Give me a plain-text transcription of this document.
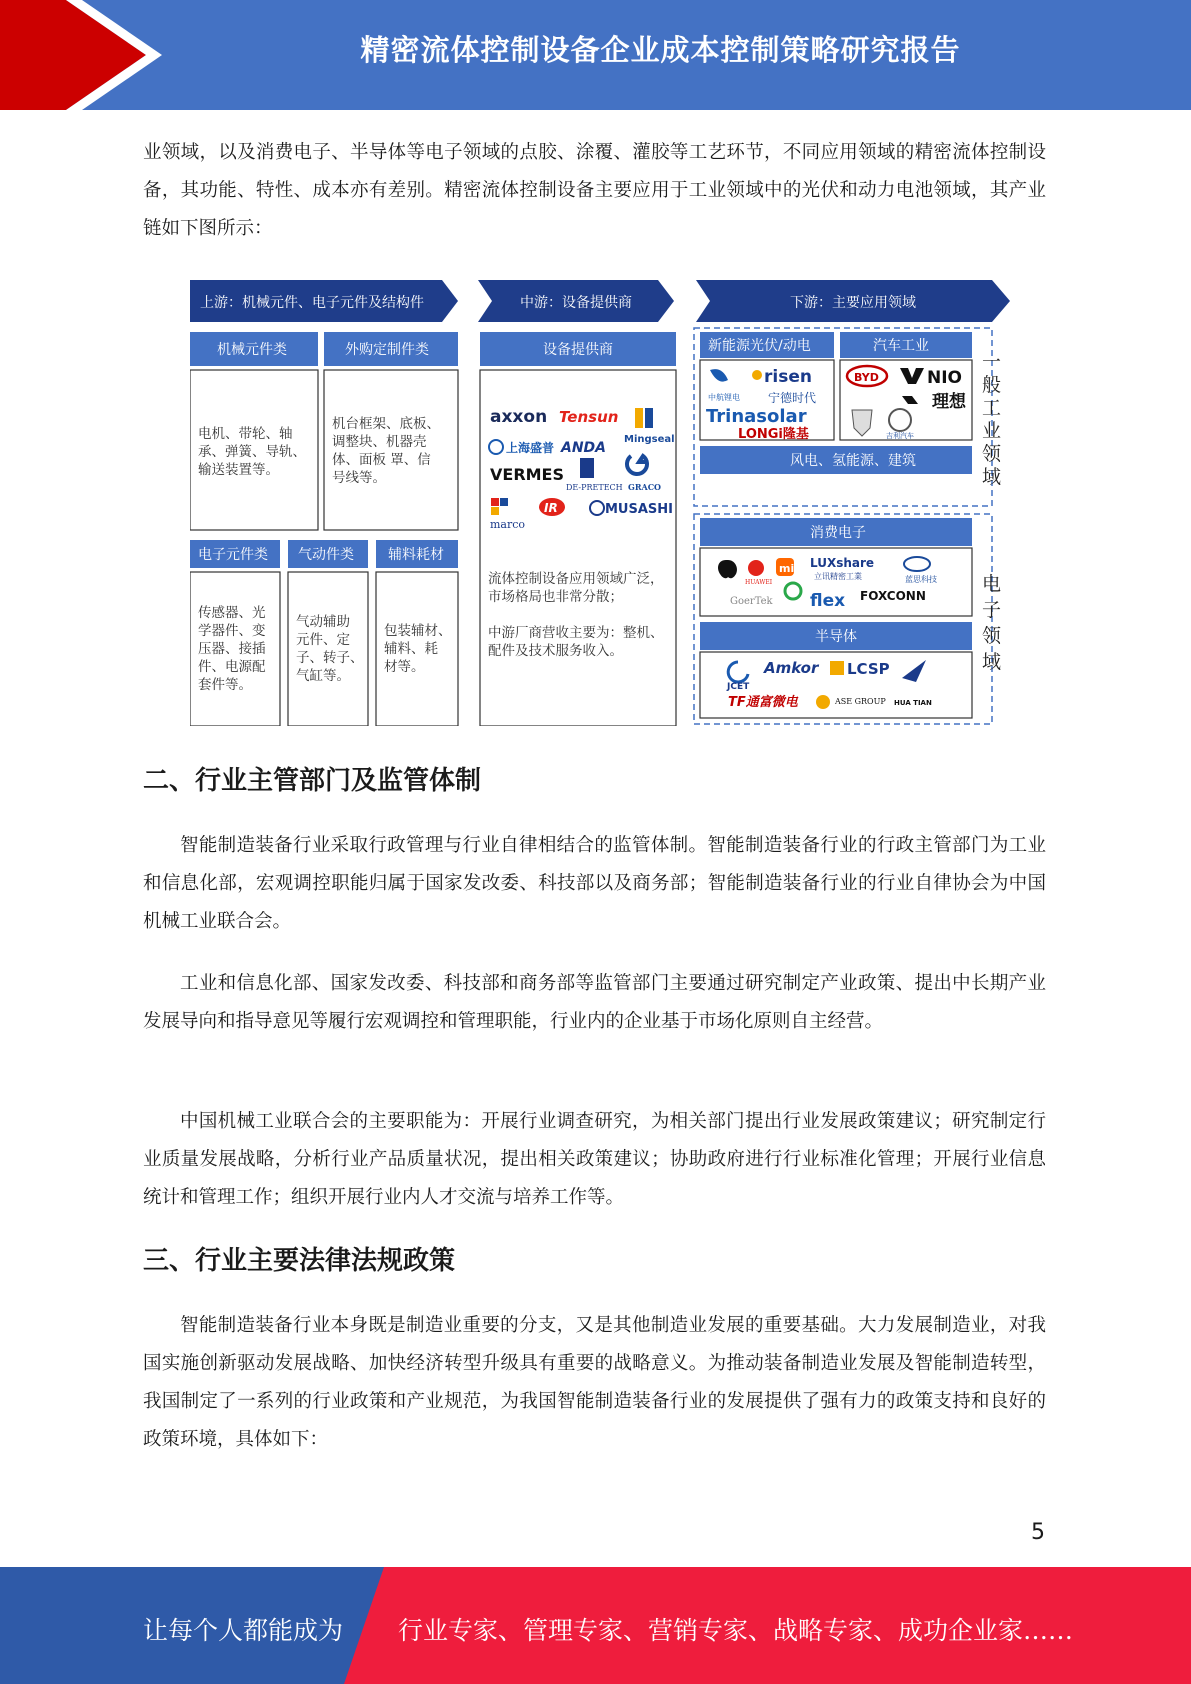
精密流体控制设备企业成本控制策略研究报告

业领域，以及消费电子、半导体等电子领域的点胶、涂覆、灌胶等工艺环节，不同应用领域的精密流体控制设备，其功能、特性、成本亦有差别。精密流体控制设备主要应用于工业领域中的光伏和动力电池领域，其产业链如下图所示：

上游：机械元件、电子元件及结构件	中游：设备提供商	下游：主要应用领域
机械元件类
电机、带轮、轴
承、弹簧、导轨、
输送装置等。
外购定制件类
机台框架、底板、
调整块、机器壳
体、面板 罩、信
号线等。
电子元件类
传感器、光
学器件、变
压器、接插
件、电源配
套件等。
气动件类
气动辅助
元件、定
子、转子、
气缸等。
辅料耗材
包装辅材、
辅料、耗
材等。
设备提供商
axxon Tensun
Mingseal
上海盛普 ANDA
VERMES
DE-PRETECH GRACO
marco
IR	MUSASHI
流体控制设备应用领域广泛，
市场格局也非常分散；
中游厂商营收主要为：整机、
配件及技术服务收入。
新能源光伏/动电
中航锂电
risen
宁德时代
Trinasolar
LONGi隆基
汽车工业
BYD	NIO
理想
吉利汽车
风电、氢能源、建筑
消费电子
HUAWEI
mi LUXshare
立讯精密工業	蓝思科技
GoerTek flex FOXCONN
半导体
JCET
Amkor LCSP
TF通富微电	ASE GROUP HUA TIAN
一
般
工
业
领
域
电
子
领
域
二、行业主管部门及监管体制

智能制造装备行业采取行政管理与行业自律相结合的监管体制。智能制造装备行业的行政主管部门为工业和信息化部，宏观调控职能归属于国家发改委、科技部以及商务部；智能制造装备行业的行业自律协会为中国机械工业联合会。

工业和信息化部、国家发改委、科技部和商务部等监管部门主要通过研究制定产业政策、提出中长期产业发展导向和指导意见等履行宏观调控和管理职能，行业内的企业基于市场化原则自主经营。

中国机械工业联合会的主要职能为：开展行业调查研究，为相关部门提出行业发展政策建议；研究制定行业质量发展战略，分析行业产品质量状况，提出相关政策建议；协助政府进行行业标准化管理；开展行业信息统计和管理工作；组织开展行业内人才交流与培养工作等。

三、行业主要法律法规政策

智能制造装备行业本身既是制造业重要的分支，又是其他制造业发展的重要基础。大力发展制造业，对我国实施创新驱动发展战略、加快经济转型升级具有重要的战略意义。为推动装备制造业发展及智能制造转型，我国制定了一系列的行业政策和产业规范，为我国智能制造装备行业的发展提供了强有力的政策支持和良好的政策环境，具体如下：

5
让每个人都能成为 行业专家、管理专家、营销专家、战略专家、成功企业家……
